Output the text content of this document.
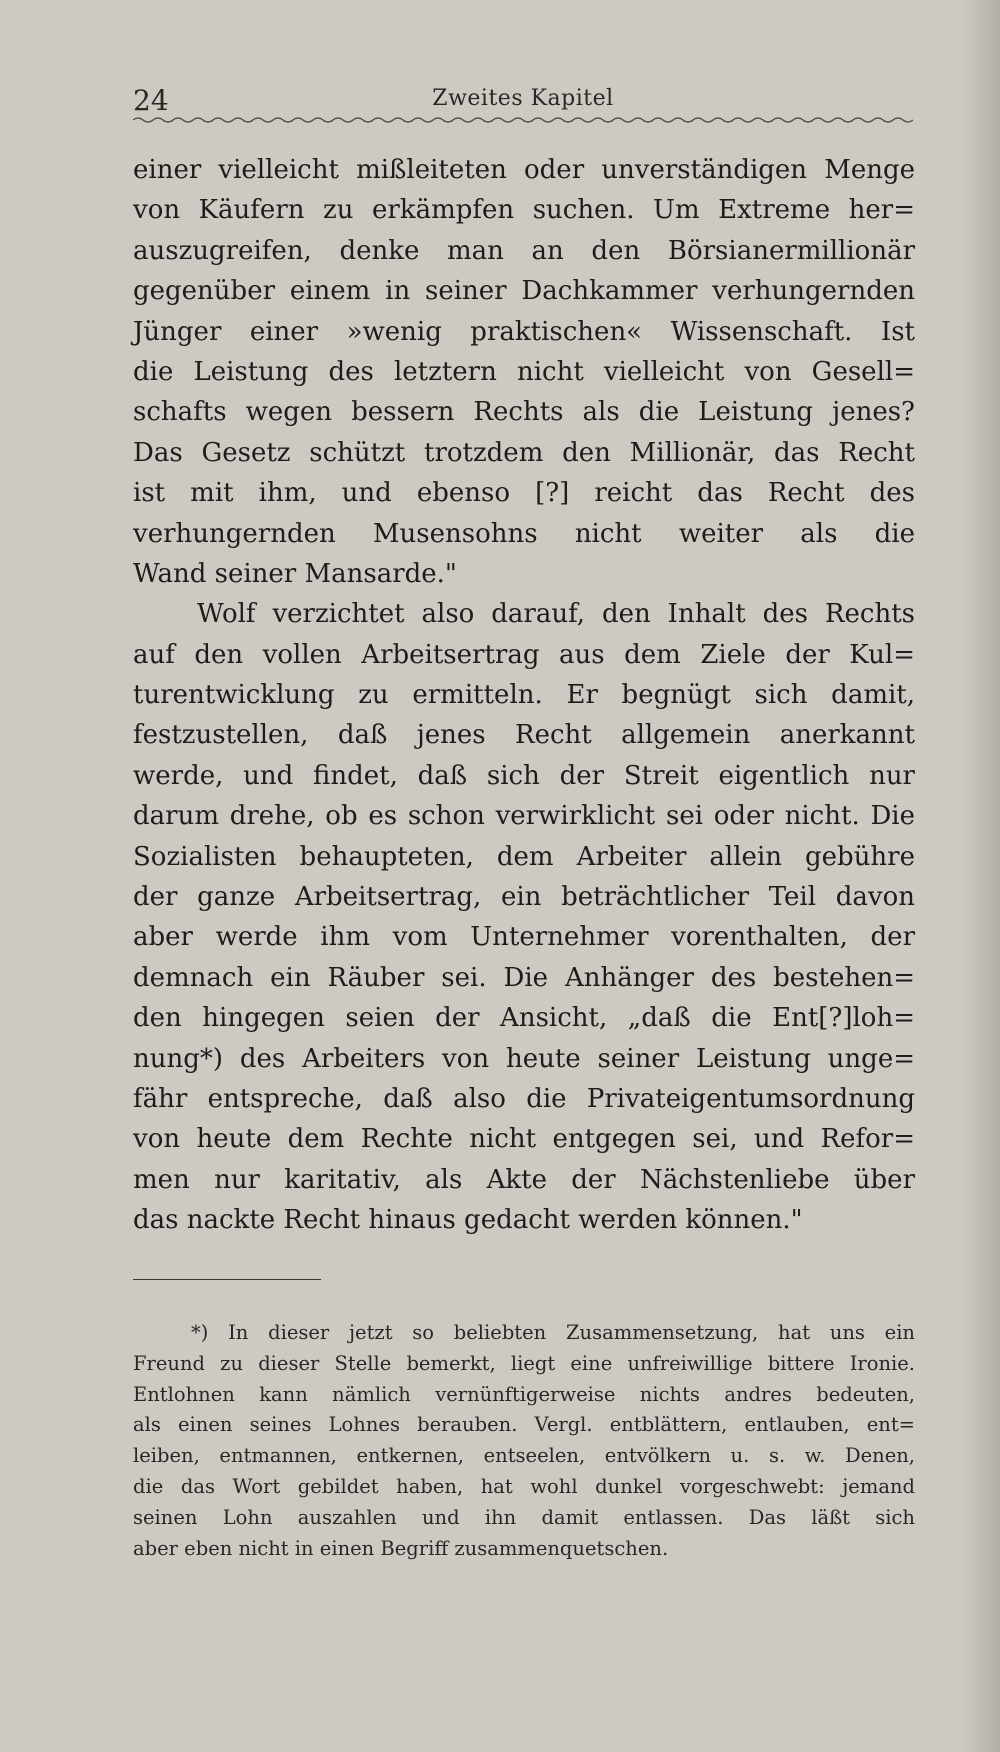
24	Zweites Kapitel
einer vielleicht mißleiteten oder unverständigen Menge
von Käufern zu erkämpfen suchen. Um Extreme her=
auszugreifen, denke man an den Börsianermillionär
gegenüber einem in seiner Dachkammer verhungernden
Jünger einer »wenig praktischen« Wissenschaft. Ist
die Leistung des letztern nicht vielleicht von Gesell=
schafts wegen bessern Rechts als die Leistung jenes?
Das Gesetz schützt trotzdem den Millionär, das Recht
ist mit ihm, und ebenso [?] reicht das Recht des
verhungernden Musensohns nicht weiter als die
Wand seiner Mansarde."
Wolf verzichtet also darauf, den Inhalt des Rechts
auf den vollen Arbeitsertrag aus dem Ziele der Kul=
turentwicklung zu ermitteln. Er begnügt sich damit,
festzustellen, daß jenes Recht allgemein anerkannt
werde, und findet, daß sich der Streit eigentlich nur
darum drehe, ob es schon verwirklicht sei oder nicht. Die
Sozialisten behaupteten, dem Arbeiter allein gebühre
der ganze Arbeitsertrag, ein beträchtlicher Teil davon
aber werde ihm vom Unternehmer vorenthalten, der
demnach ein Räuber sei. Die Anhänger des bestehen=
den hingegen seien der Ansicht, „daß die Ent[?]loh=
nung*) des Arbeiters von heute seiner Leistung unge=
fähr entspreche, daß also die Privateigentumsordnung
von heute dem Rechte nicht entgegen sei, und Refor=
men nur karitativ, als Akte der Nächstenliebe über
das nackte Recht hinaus gedacht werden können."
*) In dieser jetzt so beliebten Zusammensetzung, hat uns ein
Freund zu dieser Stelle bemerkt, liegt eine unfreiwillige bittere Ironie.
Entlohnen kann nämlich vernünftigerweise nichts andres bedeuten,
als einen seines Lohnes berauben. Vergl. entblättern, entlauben, ent=
leiben, entmannen, entkernen, entseelen, entvölkern u. s. w. Denen,
die das Wort gebildet haben, hat wohl dunkel vorgeschwebt: jemand
seinen Lohn auszahlen und ihn damit entlassen. Das läßt sich
aber eben nicht in einen Begriff zusammenquetschen.
